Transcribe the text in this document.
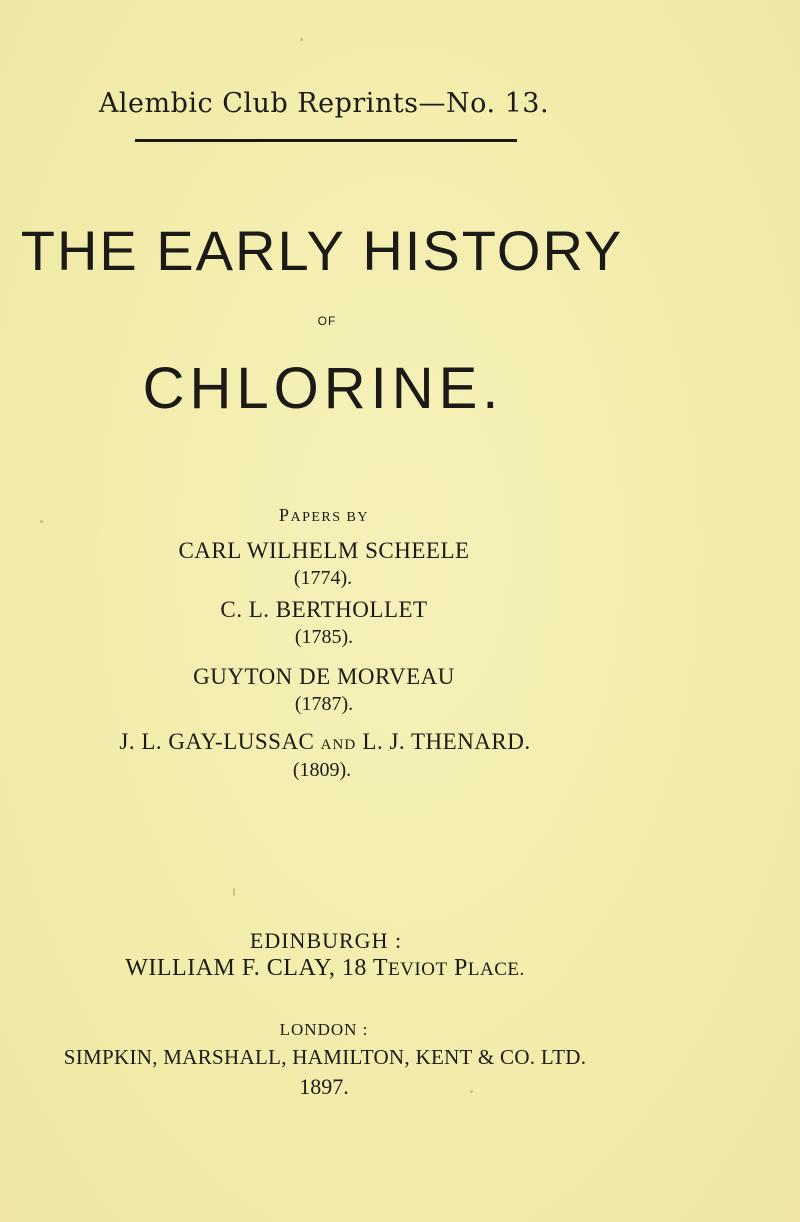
Alembic Club Reprints—No. 13.
THE EARLY HISTORY
OF
CHLORINE.
PAPERS BY
CARL WILHELM SCHEELE
(1774).
C. L. BERTHOLLET
(1785).
GUYTON DE MORVEAU
(1787).
J. L. GAY-LUSSAC AND L. J. THENARD.
(1809).
EDINBURGH :
WILLIAM F. CLAY, 18 TEVIOT PLACE.
LONDON :
SIMPKIN, MARSHALL, HAMILTON, KENT & CO. LTD.
1897.
